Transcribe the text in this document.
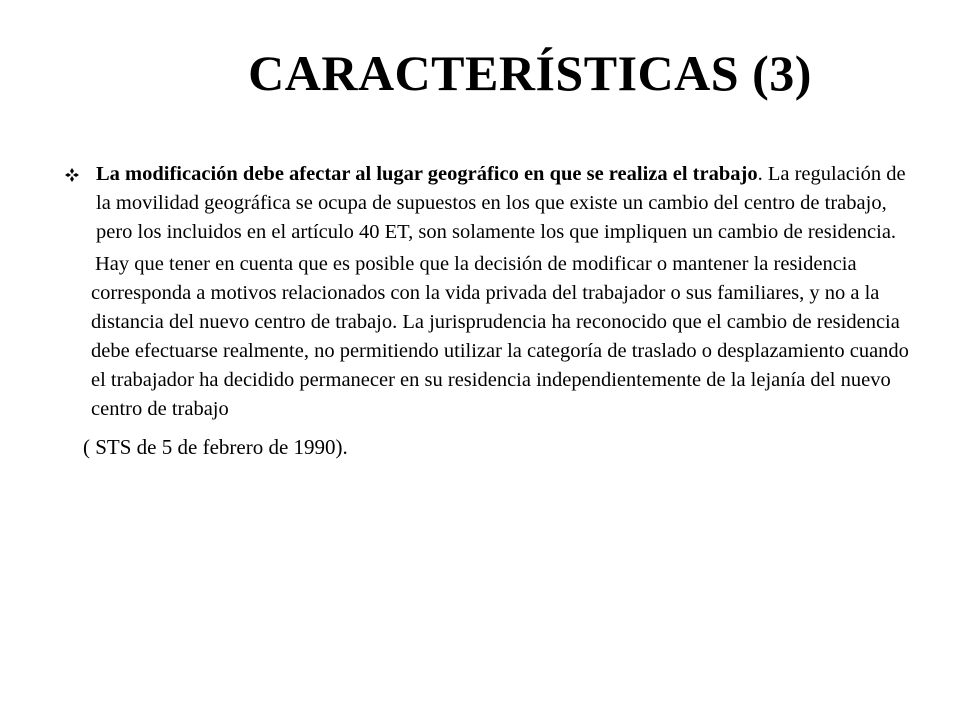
CARACTERÍSTICAS (3)
La modificación debe afectar al lugar geográfico en que se realiza el trabajo. La regulación de la movilidad geográfica se ocupa de supuestos en los que existe un cambio del centro de trabajo, pero los incluidos en el artículo 40 ET, son solamente los que impliquen un cambio de residencia.
Hay que tener en cuenta que es posible que la decisión de modificar o mantener la residencia corresponda a motivos relacionados con la vida privada del trabajador o sus familiares, y no a la distancia del nuevo centro de trabajo. La jurisprudencia ha reconocido que el cambio de residencia debe efectuarse realmente, no permitiendo utilizar la categoría de traslado o desplazamiento cuando el trabajador ha decidido permanecer en su residencia independientemente de la lejanía del nuevo centro de trabajo
( STS de 5 de febrero de 1990).
